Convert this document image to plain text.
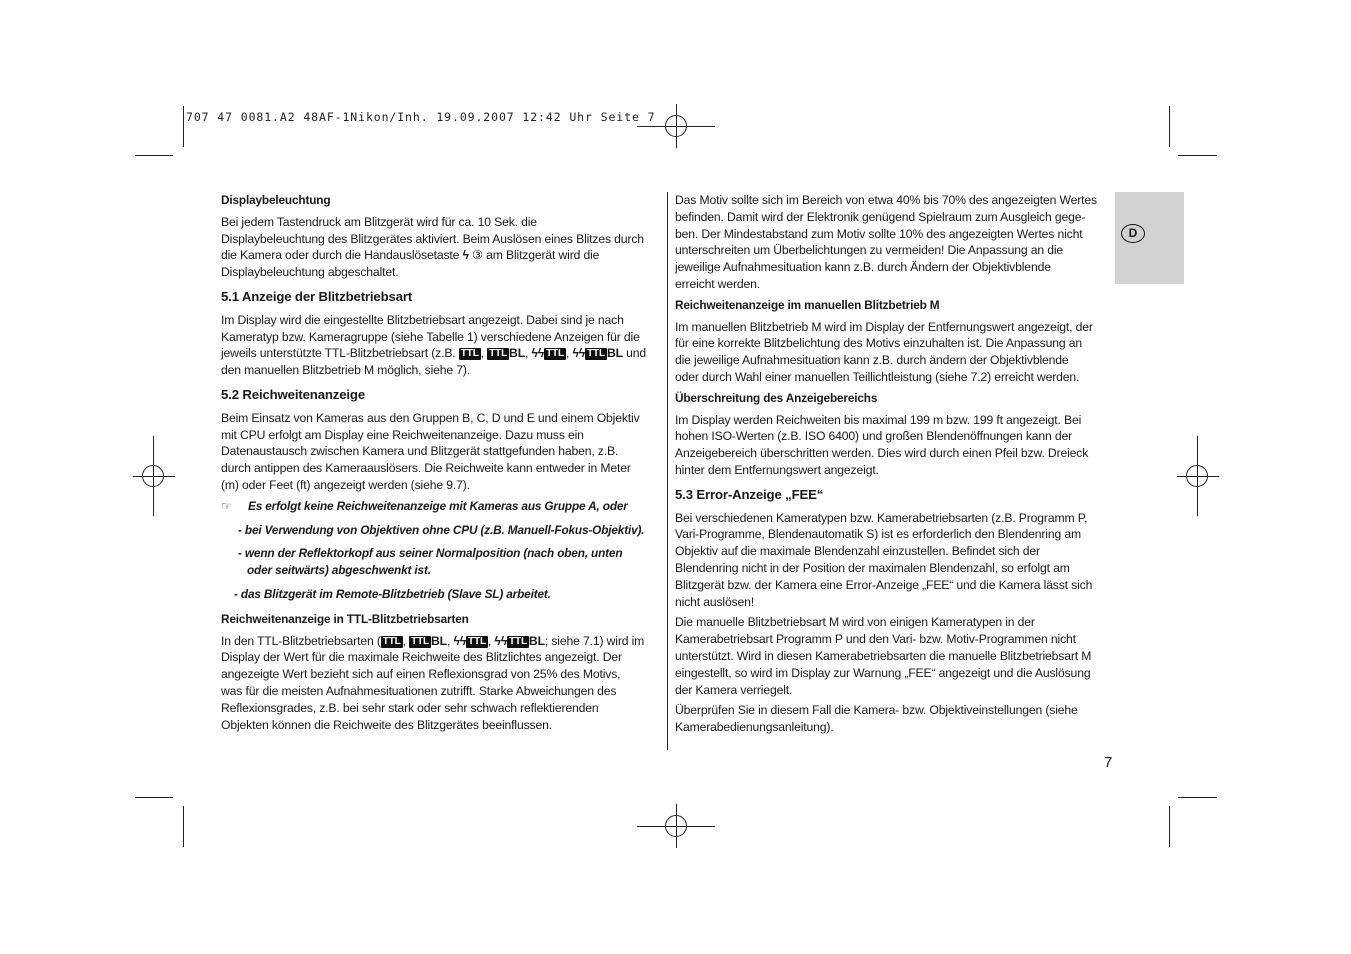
707 47 0081.A2 48AF-1Nikon/Inh. 19.09.2007 12:42 Uhr Seite 7
D

Displaybeleuchtung

Bei jedem Tastendruck am Blitzgerät wird für ca. 10 Sek. die
Displaybeleuchtung des Blitzgerätes aktiviert. Beim Auslösen eines Blitzes durch
die Kamera oder durch die Handauslösetaste ϟ ③ am Blitzgerät wird die
Displaybeleuchtung abgeschaltet.

5.1 Anzeige der Blitzbetriebsart

Im Display wird die eingestellte Blitzbetriebsart angezeigt. Dabei sind je nach
Kameratyp bzw. Kameragruppe (siehe Tabelle 1) verschiedene Anzeigen für die
jeweils unterstützte TTL-Blitzbetriebsart (z.B. TTL , TTL BL, ϟϟ TTL , ϟϟ TTL BL und
den manuellen Blitzbetrieb M möglich, siehe 7).

5.2 Reichweitenanzeige

Beim Einsatz von Kameras aus den Gruppen B, C, D und E und einem Objektiv
mit CPU erfolgt am Display eine Reichweitenanzeige. Dazu muss ein
Datenaustausch zwischen Kamera und Blitzgerät stattgefunden haben, z.B.
durch antippen des Kameraauslösers. Die Reichweite kann entweder in Meter
(m) oder Feet (ft) angezeigt werden (siehe 9.7).

☞ Es erfolgt keine Reichweitenanzeige mit Kameras aus Gruppe A, oder
- bei Verwendung von Objektiven ohne CPU (z.B. Manuell-Fokus-Objektiv).
- wenn der Reflektorkopf aus seiner Normalposition (nach oben, unten
oder seitwärts) abgeschwenkt ist.
- das Blitzgerät im Remote-Blitzbetrieb (Slave SL) arbeitet.

Reichweitenanzeige in TTL-Blitzbetriebsarten

In den TTL-Blitzbetriebsarten ( TTL , TTL BL, ϟϟ TTL , ϟϟ TTL BL; siehe 7.1) wird im
Display der Wert für die maximale Reichweite des Blitzlichtes angezeigt. Der
angezeigte Wert bezieht sich auf einen Reflexionsgrad von 25% des Motivs,
was für die meisten Aufnahmesituationen zutrifft. Starke Abweichungen des
Reflexionsgrades, z.B. bei sehr stark oder sehr schwach reflektierenden
Objekten können die Reichweite des Blitzgerätes beeinflussen.

Das Motiv sollte sich im Bereich von etwa 40% bis 70% des angezeigten Wertes
befinden. Damit wird der Elektronik genügend Spielraum zum Ausgleich gege-
ben. Der Mindestabstand zum Motiv sollte 10% des angezeigten Wertes nicht
unterschreiten um Überbelichtungen zu vermeiden! Die Anpassung an die
jeweilige Aufnahmesituation kann z.B. durch Ändern der Objektivblende
erreicht werden.

Reichweitenanzeige im manuellen Blitzbetrieb M

Im manuellen Blitzbetrieb M wird im Display der Entfernungswert angezeigt, der
für eine korrekte Blitzbelichtung des Motivs einzuhalten ist. Die Anpassung an
die jeweilige Aufnahmesituation kann z.B. durch ändern der Objektivblende
oder durch Wahl einer manuellen Teillichtleistung (siehe 7.2) erreicht werden.

Überschreitung des Anzeigebereichs

Im Display werden Reichweiten bis maximal 199 m bzw. 199 ft angezeigt. Bei
hohen ISO-Werten (z.B. ISO 6400) und großen Blendenöffnungen kann der
Anzeigebereich überschritten werden. Dies wird durch einen Pfeil bzw. Dreieck
hinter dem Entfernungswert angezeigt.

5.3 Error-Anzeige „FEE“

Bei verschiedenen Kameratypen bzw. Kamerabetriebsarten (z.B. Programm P,
Vari-Programme, Blendenautomatik S) ist es erforderlich den Blendenring am
Objektiv auf die maximale Blendenzahl einzustellen. Befindet sich der
Blendenring nicht in der Position der maximalen Blendenzahl, so erfolgt am
Blitzgerät bzw. der Kamera eine Error-Anzeige „FEE“ und die Kamera lässt sich
nicht auslösen!

Die manuelle Blitzbetriebsart M wird von einigen Kameratypen in der
Kamerabetriebsart Programm P und den Vari- bzw. Motiv-Programmen nicht
unterstützt. Wird in diesen Kamerabetriebsarten die manuelle Blitzbetriebsart M
eingestellt, so wird im Display zur Warnung „FEE“ angezeigt und die Auslösung
der Kamera verriegelt.

Überprüfen Sie in diesem Fall die Kamera- bzw. Objektiveinstellungen (siehe
Kamerabedienungsanleitung).

7
